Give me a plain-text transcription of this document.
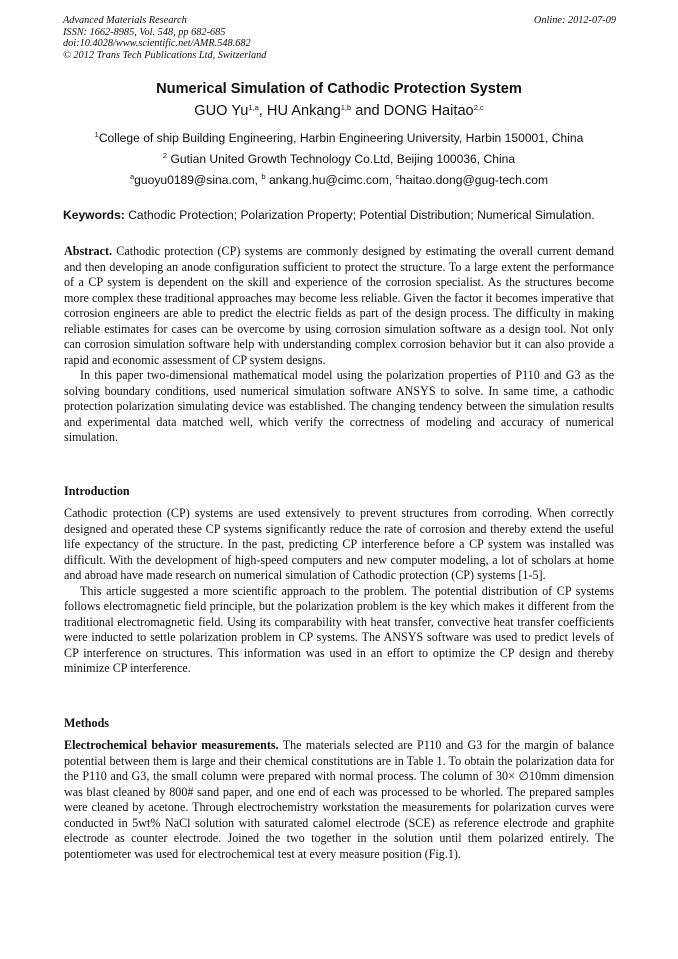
Advanced Materials Research
ISSN: 1662-8985, Vol. 548, pp 682-685
doi:10.4028/www.scientific.net/AMR.548.682
© 2012 Trans Tech Publications Ltd, Switzerland
Online: 2012-07-09
Numerical Simulation of Cathodic Protection System
GUO Yu$^{1,a}$, HU Ankang$^{1,b}$ and DONG Haitao$^{2,c}$
$^1$College of ship Building Engineering, Harbin Engineering University, Harbin 150001, China
$^2$ Gutian United Growth Technology Co.Ltd, Beijing 100036, China
$^a$guoyu0189@sina.com, $^b$ ankang.hu@cimc.com, $^c$haitao.dong@gug-tech.com
Keywords: Cathodic Protection; Polarization Property; Potential Distribution; Numerical Simulation.

Abstract. Cathodic protection (CP) systems are commonly designed by estimating the overall current demand and then developing an anode configuration sufficient to protect the structure. To a large extent the performance of a CP system is dependent on the skill and experience of the corrosion specialist. As the structures become more complex these traditional approaches may become less reliable. Given the factor it becomes imperative that corrosion engineers are able to predict the electric fields as part of the design process. The difficulty in making reliable estimates for cases can be overcome by using corrosion simulation software as a design tool. Not only can corrosion simulation software help with understanding complex corrosion behavior but it can also provide a rapid and economic assessment of CP system designs.

In this paper two-dimensional mathematical model using the polarization properties of P110 and G3 as the solving boundary conditions, used numerical simulation software ANSYS to solve. In same time, a cathodic protection polarization simulating device was established. The changing tendency between the simulation results and experimental data matched well, which verify the correctness of modeling and accuracy of numerical simulation.

Introduction

Cathodic protection (CP) systems are used extensively to prevent structures from corroding. When correctly designed and operated these CP systems significantly reduce the rate of corrosion and thereby extend the useful life expectancy of the structure. In the past, predicting CP interference before a CP system was installed was difficult. With the development of high-speed computers and new computer modeling, a lot of scholars at home and abroad have made research on numerical simulation of Cathodic protection (CP) systems [1-5].

This article suggested a more scientific approach to the problem. The potential distribution of CP systems follows electromagnetic field principle, but the polarization problem is the key which makes it different from the traditional electromagnetic field. Using its comparability with heat transfer, convective heat transfer coefficients were inducted to settle polarization problem in CP systems. The ANSYS software was used to predict levels of CP interference on structures. This information was used in an effort to optimize the CP design and thereby minimize CP interference.

Methods

Electrochemical behavior measurements. The materials selected are P110 and G3 for the margin of balance potential between them is large and their chemical constitutions are in Table 1. To obtain the polarization data for the P110 and G3, the small column were prepared with normal process. The column of 30× ∅10mm dimension was blast cleaned by 800# sand paper, and one end of each was processed to be whorled. The prepared samples were cleaned by acetone. Through electrochemistry workstation the measurements for polarization curves were conducted in 5wt% NaCl solution with saturated calomel electrode (SCE) as reference electrode and graphite electrode as counter electrode. Joined the two together in the solution until them polarized entirely. The potentiometer was used for electrochemical test at every measure position (Fig.1).
